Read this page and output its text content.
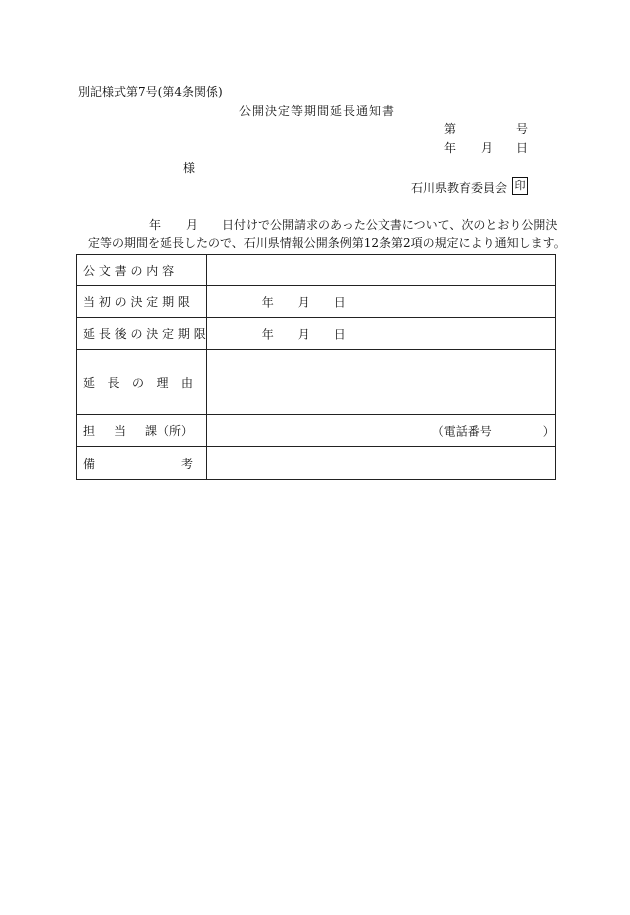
別記様式第7号(第4条関係)
公開決定等期間延長通知書
第	号
年 月 日
様
石川県教育委員会 印
年 月 日付けで公開請求のあった公文書について、次のとおり公開決
定等の期間を延長したので、石川県情報公開条例第12条第2項の規定により通知します。
公 文 書 の 内 容	
当 初 の 決 定 期 限	年 月 日

延 長 後 の 決 定 期 限	年 月 日

延 長 の 理 由	

担 当 課（所）	（電話番号 ）

備 考	
